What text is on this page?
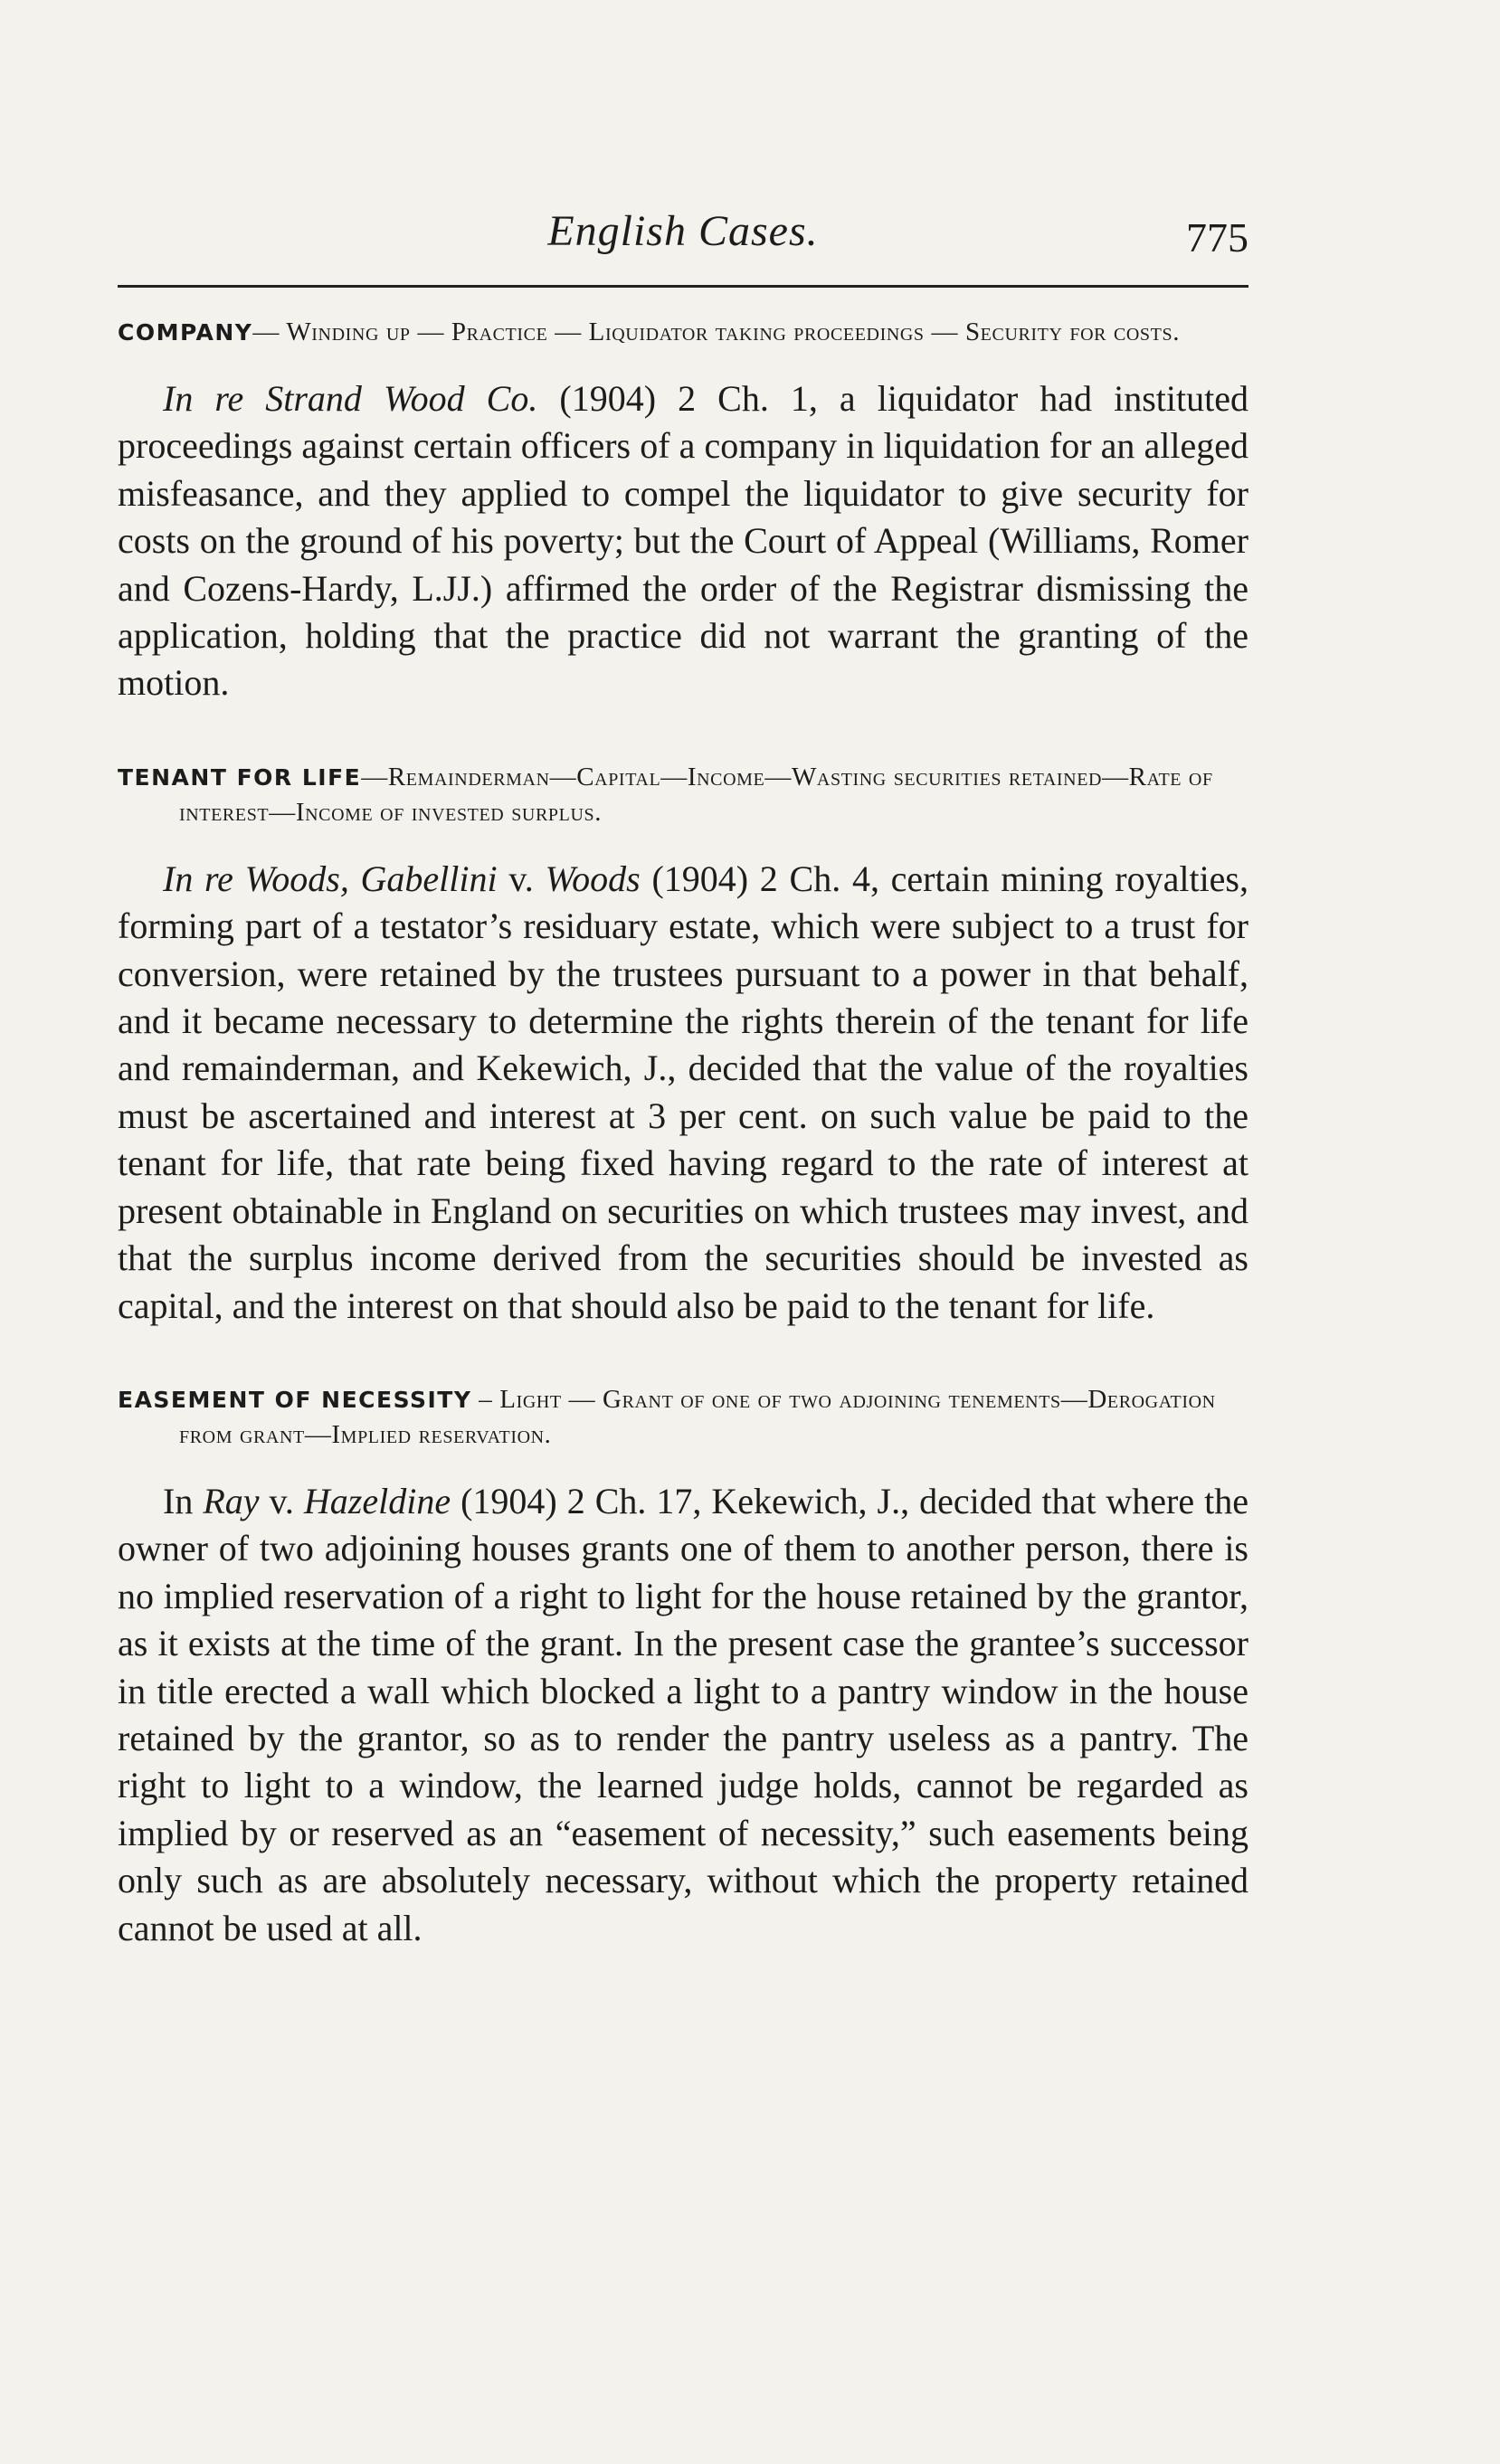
English Cases.	775
COMPANY— Winding up — Practice — Liquidator taking proceedings — Security for costs.

In re Strand Wood Co. (1904) 2 Ch. 1, a liquidator had instituted proceedings against certain officers of a company in liquidation for an alleged misfeasance, and they applied to compel the liquidator to give security for costs on the ground of his poverty; but the Court of Appeal (Williams, Romer and Cozens-Hardy, L.JJ.) affirmed the order of the Registrar dismissing the application, holding that the practice did not warrant the granting of the motion.

TENANT FOR LIFE—Remainderman—Capital—Income—Wasting securities retained—Rate of interest—Income of invested surplus.

In re Woods, Gabellini v. Woods (1904) 2 Ch. 4, certain mining royalties, forming part of a testator’s residuary estate, which were subject to a trust for conversion, were retained by the trustees pursuant to a power in that behalf, and it became necessary to determine the rights therein of the tenant for life and remainderman, and Kekewich, J., decided that the value of the royalties must be ascertained and interest at 3 per cent. on such value be paid to the tenant for life, that rate being fixed having regard to the rate of interest at present obtainable in England on securities on which trustees may invest, and that the surplus income derived from the securities should be invested as capital, and the interest on that should also be paid to the tenant for life.

EASEMENT OF NECESSITY – Light — Grant of one of two adjoining tenements—Derogation from grant—Implied reservation.

In Ray v. Hazeldine (1904) 2 Ch. 17, Kekewich, J., decided that where the owner of two adjoining houses grants one of them to another person, there is no implied reservation of a right to light for the house retained by the grantor, as it exists at the time of the grant. In the present case the grantee’s successor in title erected a wall which blocked a light to a pantry window in the house retained by the grantor, so as to render the pantry useless as a pantry. The right to light to a window, the learned judge holds, cannot be regarded as implied by or reserved as an “easement of necessity,” such easements being only such as are absolutely necessary, without which the property retained cannot be used at all.
